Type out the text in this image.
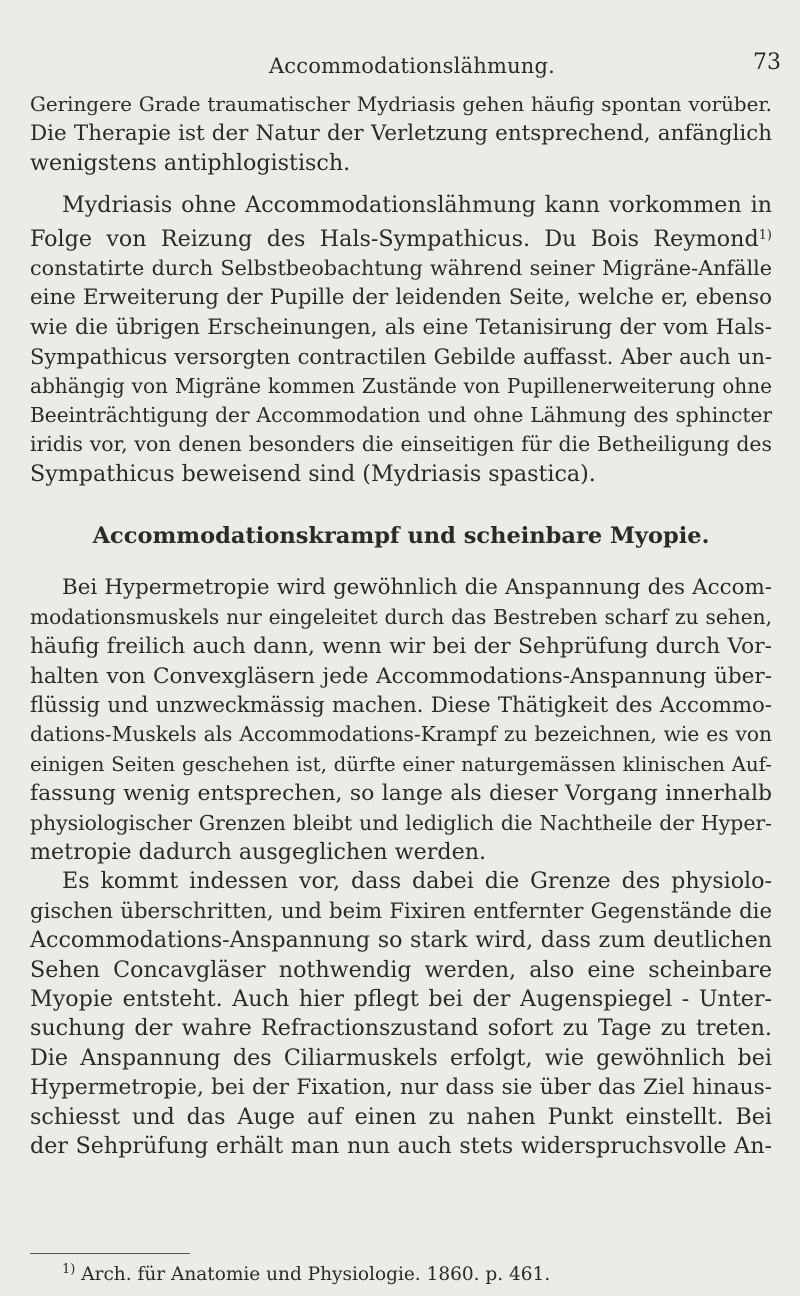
Accommodationslähmung.	73
Geringere Grade traumatischer Mydriasis gehen häufig spontan vorüber.
Die Therapie ist der Natur der Verletzung entsprechend, anfänglich
wenigstens antiphlogistisch.
Mydriasis ohne Accommodationslähmung kann vorkommen in
Folge von Reizung des Hals-Sympathicus. Du Bois Reymond$^{1)}$
constatirte durch Selbstbeobachtung während seiner Migräne-Anfälle
eine Erweiterung der Pupille der leidenden Seite, welche er, ebenso
wie die übrigen Erscheinungen, als eine Tetanisirung der vom Hals-
Sympathicus versorgten contractilen Gebilde auffasst. Aber auch un-
abhängig von Migräne kommen Zustände von Pupillenerweiterung ohne
Beeinträchtigung der Accommodation und ohne Lähmung des sphincter
iridis vor, von denen besonders die einseitigen für die Betheiligung des
Sympathicus beweisend sind (Mydriasis spastica).
Accommodationskrampf und scheinbare Myopie.
Bei Hypermetropie wird gewöhnlich die Anspannung des Accom-
modationsmuskels nur eingeleitet durch das Bestreben scharf zu sehen,
häufig freilich auch dann, wenn wir bei der Sehprüfung durch Vor-
halten von Convexgläsern jede Accommodations-Anspannung über-
flüssig und unzweckmässig machen. Diese Thätigkeit des Accommo-
dations-Muskels als Accommodations-Krampf zu bezeichnen, wie es von
einigen Seiten geschehen ist, dürfte einer naturgemässen klinischen Auf-
fassung wenig entsprechen, so lange als dieser Vorgang innerhalb
physiologischer Grenzen bleibt und lediglich die Nachtheile der Hyper-
metropie dadurch ausgeglichen werden.
Es kommt indessen vor, dass dabei die Grenze des physiolo-
gischen überschritten, und beim Fixiren entfernter Gegenstände die
Accommodations-Anspannung so stark wird, dass zum deutlichen
Sehen Concavgläser nothwendig werden, also eine scheinbare
Myopie entsteht. Auch hier pflegt bei der Augenspiegel - Unter-
suchung der wahre Refractionszustand sofort zu Tage zu treten.
Die Anspannung des Ciliarmuskels erfolgt, wie gewöhnlich bei
Hypermetropie, bei der Fixation, nur dass sie über das Ziel hinaus-
schiesst und das Auge auf einen zu nahen Punkt einstellt. Bei
der Sehprüfung erhält man nun auch stets widerspruchsvolle An-
$^{1)}$ Arch. für Anatomie und Physiologie. 1860. p. 461.
